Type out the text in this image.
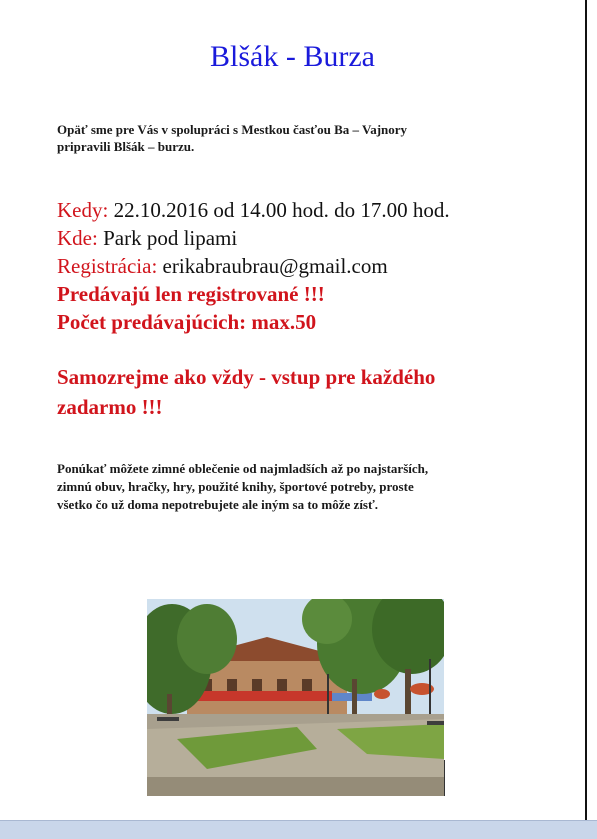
Blšák - Burza

Opäť sme pre Vás v spolupráci s Mestkou časťou Ba – Vajnory

pripravili Blšák – burzu.

Kedy: 22.10.2016 od 14.00 hod. do 17.00 hod.
Kde: Park pod lipami
Registrácia: erikabraubrau@gmail.com
Predávajú len registrované !!!
Počet predávajúcich: max.50
Samozrejme ako vždy - vstup pre každého
zadarmo !!!

Ponúkať môžete zimné oblečenie od najmladších až po najstarších,

zimnú obuv, hračky, hry, použité knihy, športové potreby, proste

všetko čo už doma nepotrebujete ale iným sa to môže zísť.
